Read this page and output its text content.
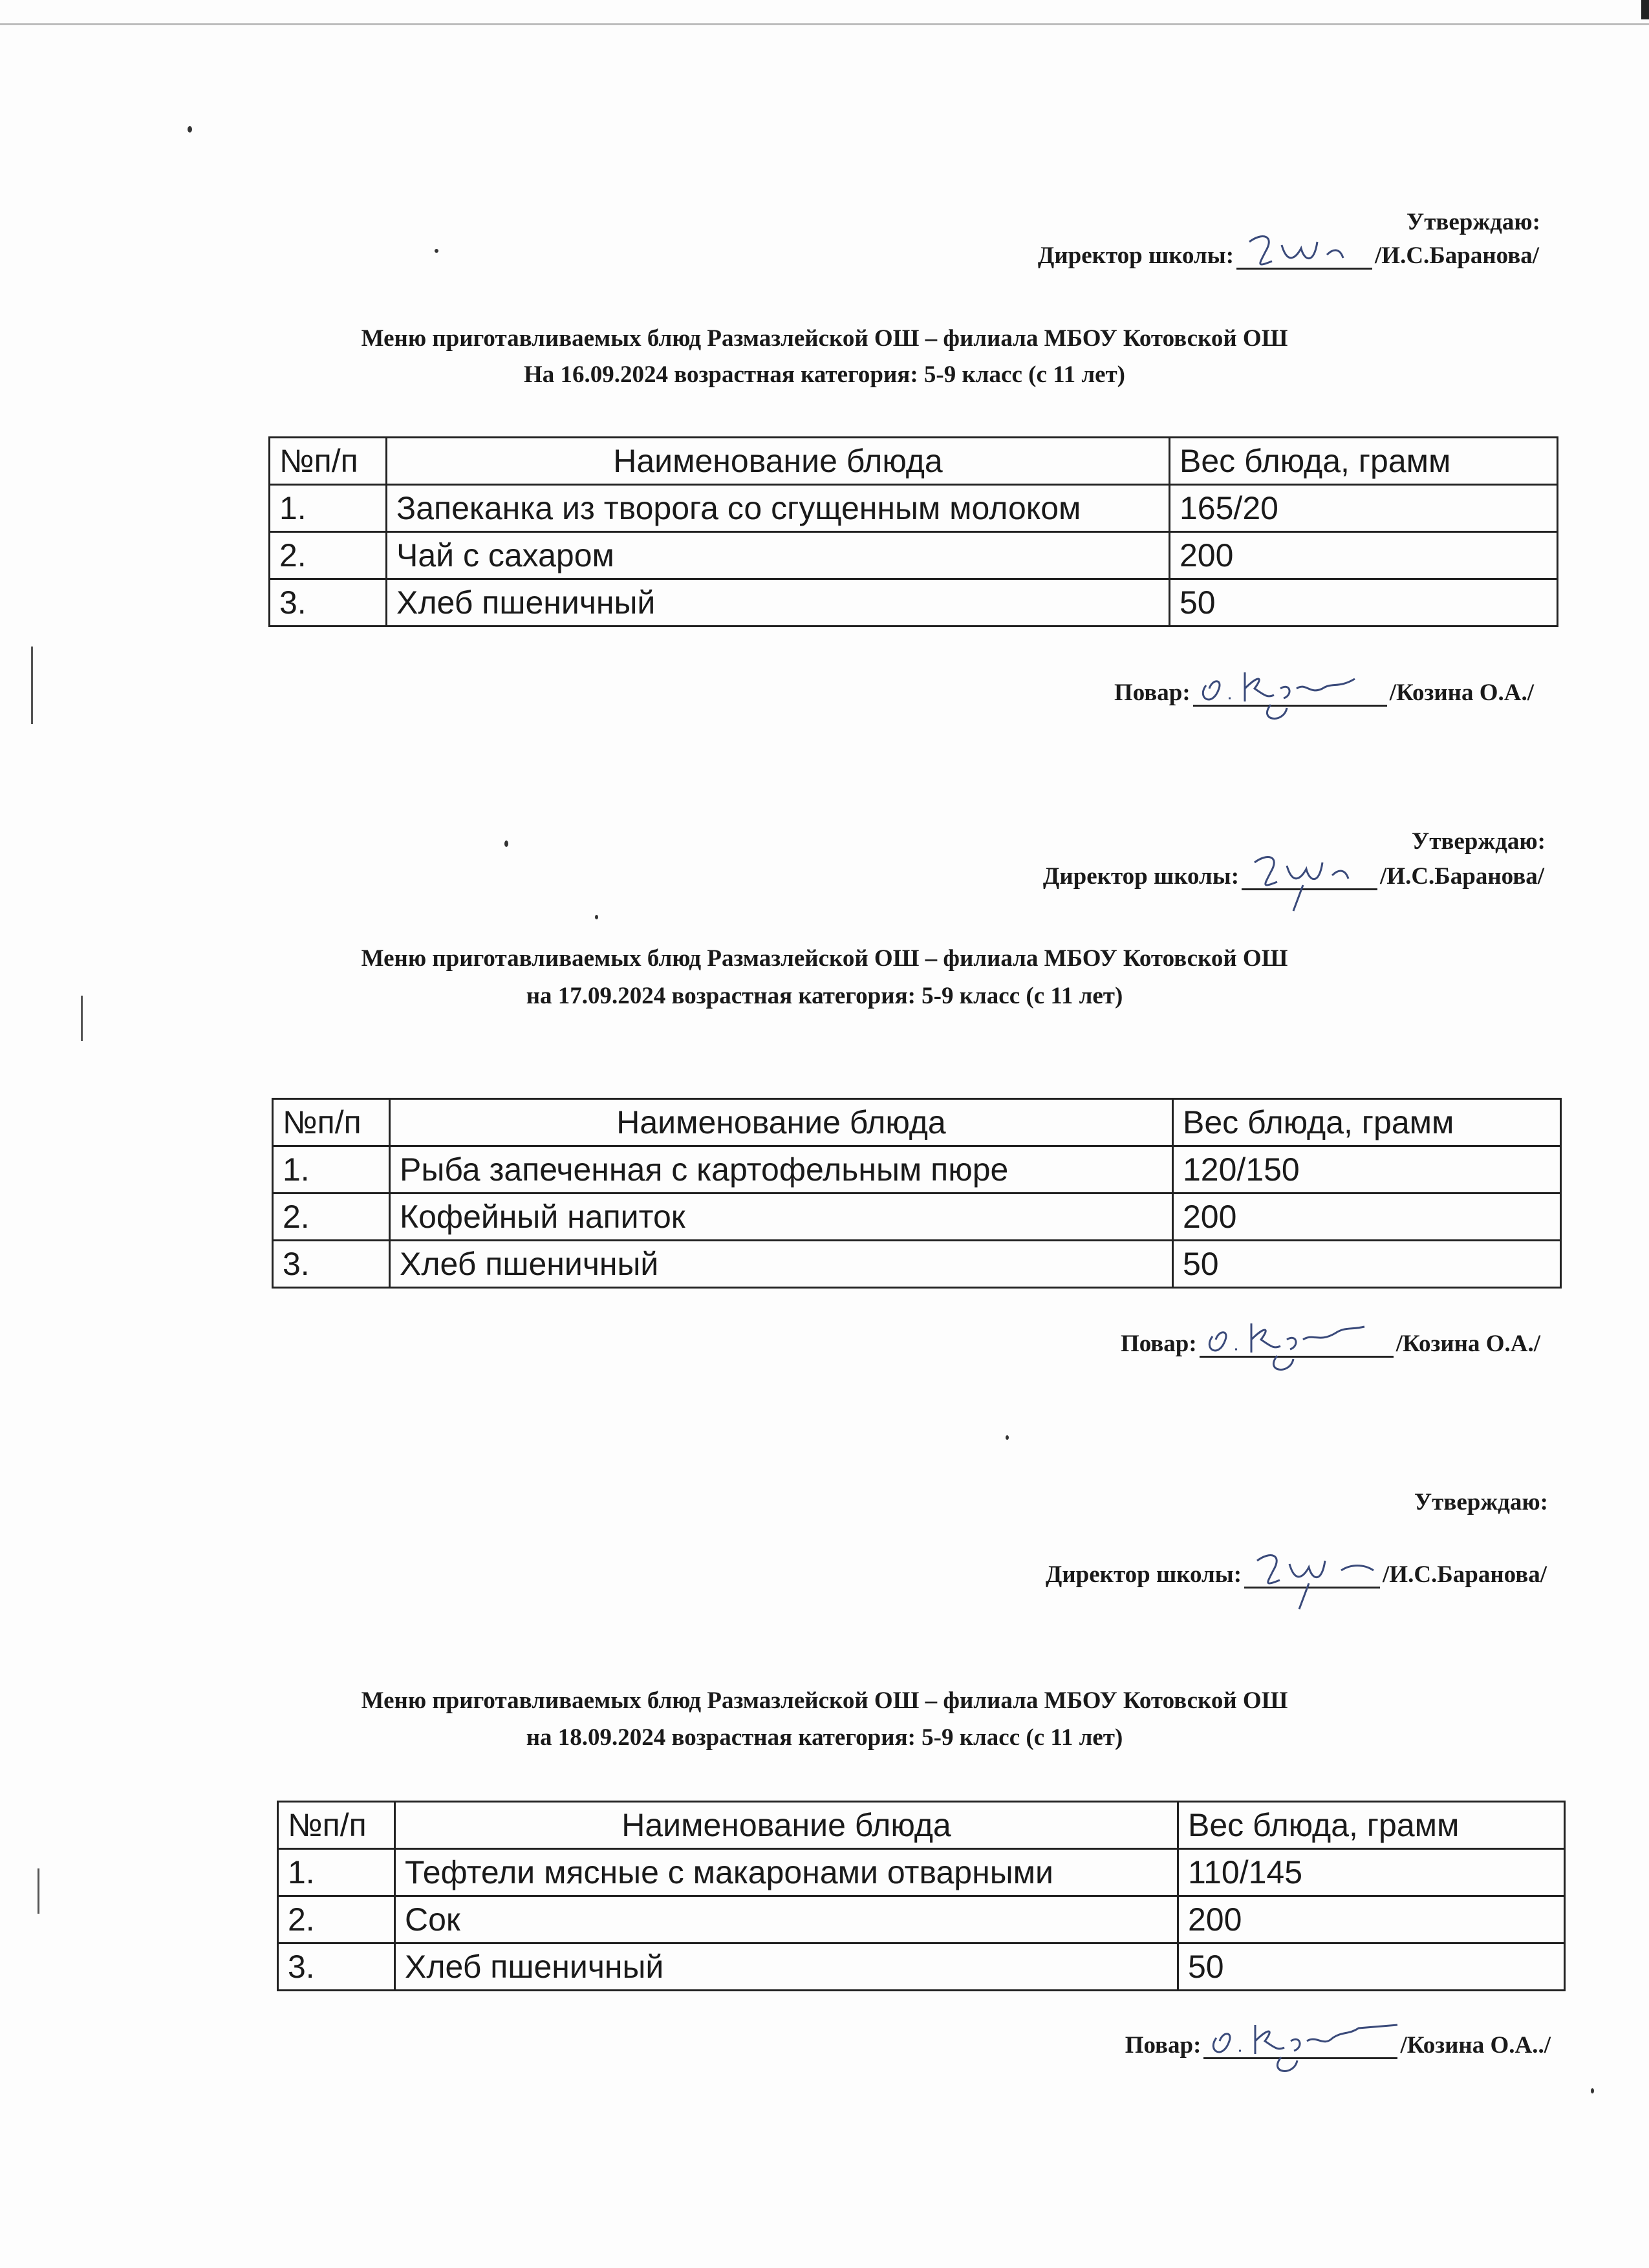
Утверждаю:
Директор школы:	/И.С.Баранова/
Меню приготавливаемых блюд Размазлейской ОШ – филиала МБОУ Котовской ОШ
На 16.09.2024 возрастная категория: 5-9 класс (с 11 лет)
№п/п	Наименование блюда	Вес блюда, грамм
1.	Запеканка из творога со сгущенным молоком	165/20
2.	Чай с сахаром	200
3.	Хлеб пшеничный	50
Повар:	/Козина О.А./
Утверждаю:
Директор школы:	/И.С.Баранова/
Меню приготавливаемых блюд Размазлейской ОШ – филиала МБОУ Котовской ОШ
на 17.09.2024 возрастная категория: 5-9 класс (с 11 лет)
№п/п	Наименование блюда	Вес блюда, грамм
1.	Рыба запеченная с картофельным пюре	120/150
2.	Кофейный напиток	200
3.	Хлеб пшеничный	50
Повар:	/Козина О.А./
Утверждаю:
Директор школы:	/И.С.Баранова/
Меню приготавливаемых блюд Размазлейской ОШ – филиала МБОУ Котовской ОШ
на 18.09.2024 возрастная категория: 5-9 класс (с 11 лет)
№п/п	Наименование блюда	Вес блюда, грамм
1.	Тефтели мясные с макаронами отварными	110/145
2.	Сок	200
3.	Хлеб пшеничный	50
Повар:	/Козина О.А../
